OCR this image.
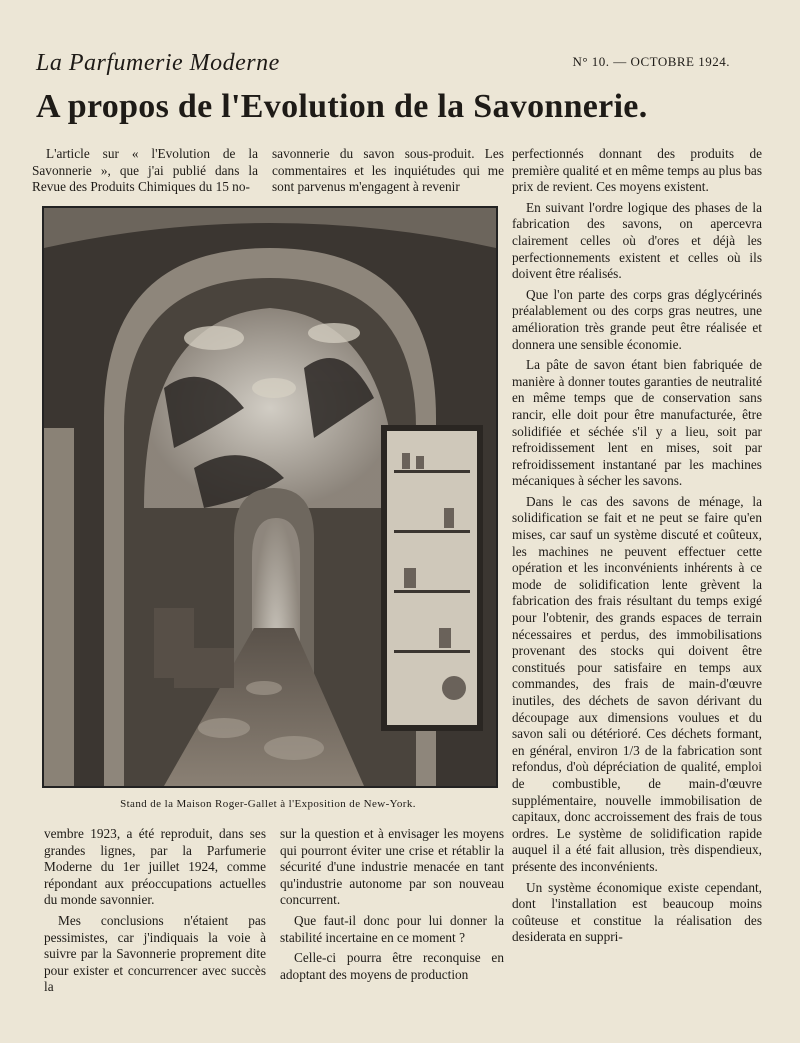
La Parfumerie Moderne	N° 10. — OCTOBRE 1924.
A propos de l'Evolution de la Savonnerie.

L'article sur « l'Evolution de la Savonnerie », que j'ai publié dans la Revue des Produits Chimiques du 15 no-

savonnerie du savon sous-produit. Les commentaires et les inquiétudes qui me sont parvenus m'engagent à revenir

perfectionnés donnant des produits de première qualité et en même temps au plus bas prix de revient. Ces moyens existent.

En suivant l'ordre logique des phases de la fabrication des savons, on apercevra clairement celles où d'ores et déjà les perfectionnements existent et celles où ils doivent être réalisés.

Que l'on parte des corps gras déglycérinés préalablement ou des corps gras neutres, une amélioration très grande peut être réalisée et donnera une sensible économie.

La pâte de savon étant bien fabriquée de manière à donner toutes garanties de neutralité en même temps que de conservation sans rancir, elle doit pour être manufacturée, être solidifiée et séchée s'il y a lieu, soit par refroidissement lent en mises, soit par refroidissement instantané par les machines mécaniques à sécher les savons.

Dans le cas des savons de ménage, la solidification se fait et ne peut se faire qu'en mises, car sauf un système discuté et coûteux, les machines ne peuvent effectuer cette opération et les inconvénients inhérents à ce mode de solidification lente grèvent la fabrication des frais résultant du temps exigé pour l'obtenir, des grands espaces de terrain nécessaires et perdus, des immobilisations provenant des stocks qui doivent être constitués pour satisfaire en temps aux commandes, des frais de main-d'œuvre inutiles, des déchets de savon dérivant du découpage aux dimensions voulues et du savon sali ou détérioré. Ces déchets formant, en général, environ 1/3 de la fabrication sont refondus, d'où dépréciation de qualité, emploi de combustible, de main-d'œuvre supplémentaire, nouvelle immobilisation de capitaux, donc accroissement des frais de tous ordres. Le système de solidification rapide auquel il a été fait allusion, très dispendieux, présente des inconvénients.

Un système économique existe cependant, dont l'installation est beaucoup moins coûteuse et constitue la réalisation des desiderata en suppri-

Stand de la Maison Roger-Gallet à l'Exposition de New-York.

vembre 1923, a été reproduit, dans ses grandes lignes, par la Parfumerie Moderne du 1er juillet 1924, comme répondant aux préoccupations actuelles du monde savonnier.

Mes conclusions n'étaient pas pessimistes, car j'indiquais la voie à suivre par la Savonnerie proprement dite pour exister et concurrencer avec succès la

sur la question et à envisager les moyens qui pourront éviter une crise et rétablir la sécurité d'une industrie menacée en tant qu'industrie autonome par son nouveau concurrent.

Que faut-il donc pour lui donner la stabilité incertaine en ce moment ?

Celle-ci pourra être reconquise en adoptant des moyens de production
